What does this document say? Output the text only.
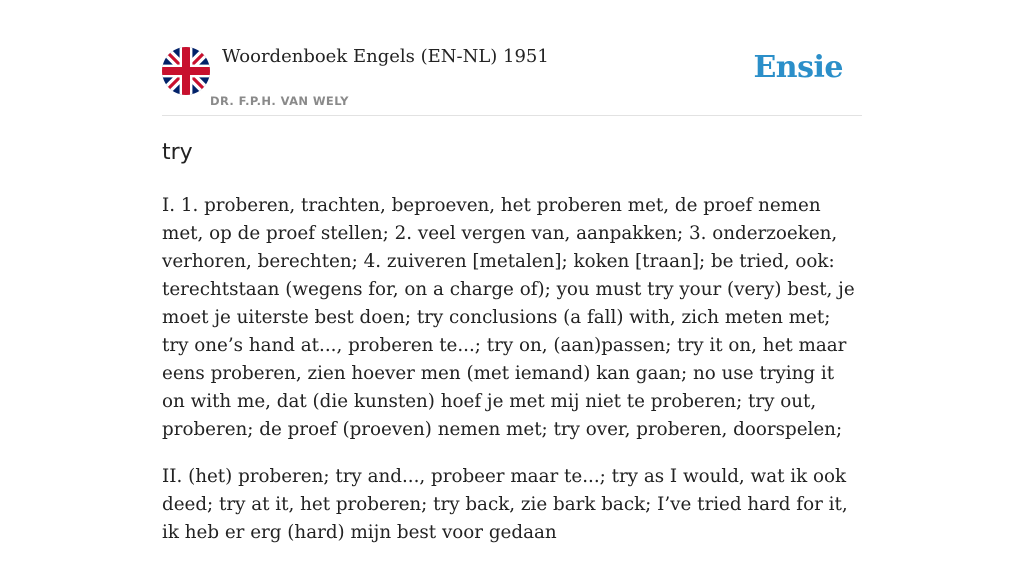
Woordenboek Engels (EN-NL) 1951
DR. F.P.H. VAN WELY
Ensie
try

I. 1. proberen, trachten, beproeven, het proberen met, de proef nemen met, op de proef stellen; 2. veel vergen van, aanpakken; 3. onderzoeken, verhoren, berechten; 4. zuiveren [metalen]; koken [traan]; be tried, ook: terechtstaan (wegens for, on a charge of); you must try your (very) best, je moet je uiterste best doen; try conclusions (a fall) with, zich meten met; try one’s hand at..., proberen te...; try on, (aan)passen; try it on, het maar eens proberen, zien hoever men (met iemand) kan gaan; no use trying it on with me, dat (die kunsten) hoef je met mij niet te proberen; try out, proberen; de proef (proeven) nemen met; try over, proberen, doorspelen;

II. (het) proberen; try and..., probeer maar te...; try as I would, wat ik ook deed; try at it, het proberen; try back, zie bark back; I’ve tried hard for it, ik heb er erg (hard) mijn best voor gedaan
